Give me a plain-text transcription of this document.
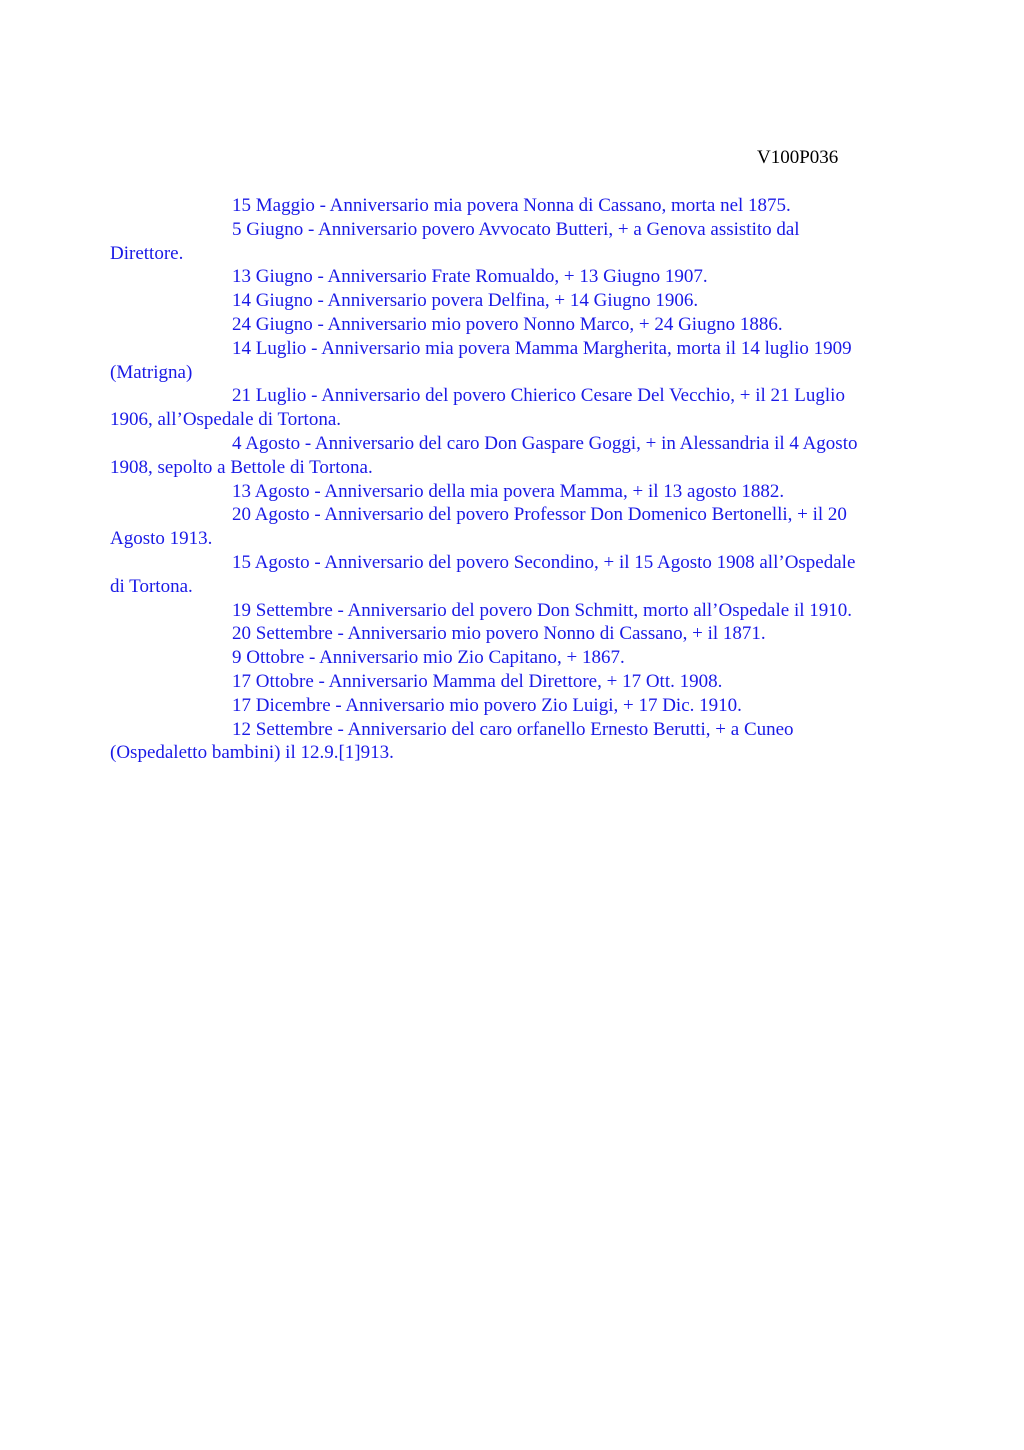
V100P036

15 Maggio - Anniversario mia povera Nonna di Cassano, morta nel 1875.

5 Giugno - Anniversario povero Avvocato Butteri, + a Genova assistito dal
Direttore.

13 Giugno - Anniversario Frate Romualdo, + 13 Giugno 1907.

14 Giugno - Anniversario povera Delfina, + 14 Giugno 1906.

24 Giugno - Anniversario mio povero Nonno Marco, + 24 Giugno 1886.

14 Luglio - Anniversario mia povera Mamma Margherita, morta il 14 luglio 1909
(Matrigna)

21 Luglio - Anniversario del povero Chierico Cesare Del Vecchio, + il 21 Luglio
1906, all’Ospedale di Tortona.

4 Agosto - Anniversario del caro Don Gaspare Goggi, + in Alessandria il 4 Agosto
1908, sepolto a Bettole di Tortona.

13 Agosto - Anniversario della mia povera Mamma, + il 13 agosto 1882.

20 Agosto - Anniversario del povero Professor Don Domenico Bertonelli, + il 20
Agosto 1913.

15 Agosto - Anniversario del povero Secondino, + il 15 Agosto 1908 all’Ospedale
di Tortona.

19 Settembre - Anniversario del povero Don Schmitt, morto all’Ospedale il 1910.

20 Settembre - Anniversario mio povero Nonno di Cassano, + il 1871.

9 Ottobre - Anniversario mio Zio Capitano, + 1867.

17 Ottobre - Anniversario Mamma del Direttore, + 17 Ott. 1908.

17 Dicembre - Anniversario mio povero Zio Luigi, + 17 Dic. 1910.

12 Settembre - Anniversario del caro orfanello Ernesto Berutti, + a Cuneo
(Ospedaletto bambini) il 12.9.[1]913.
